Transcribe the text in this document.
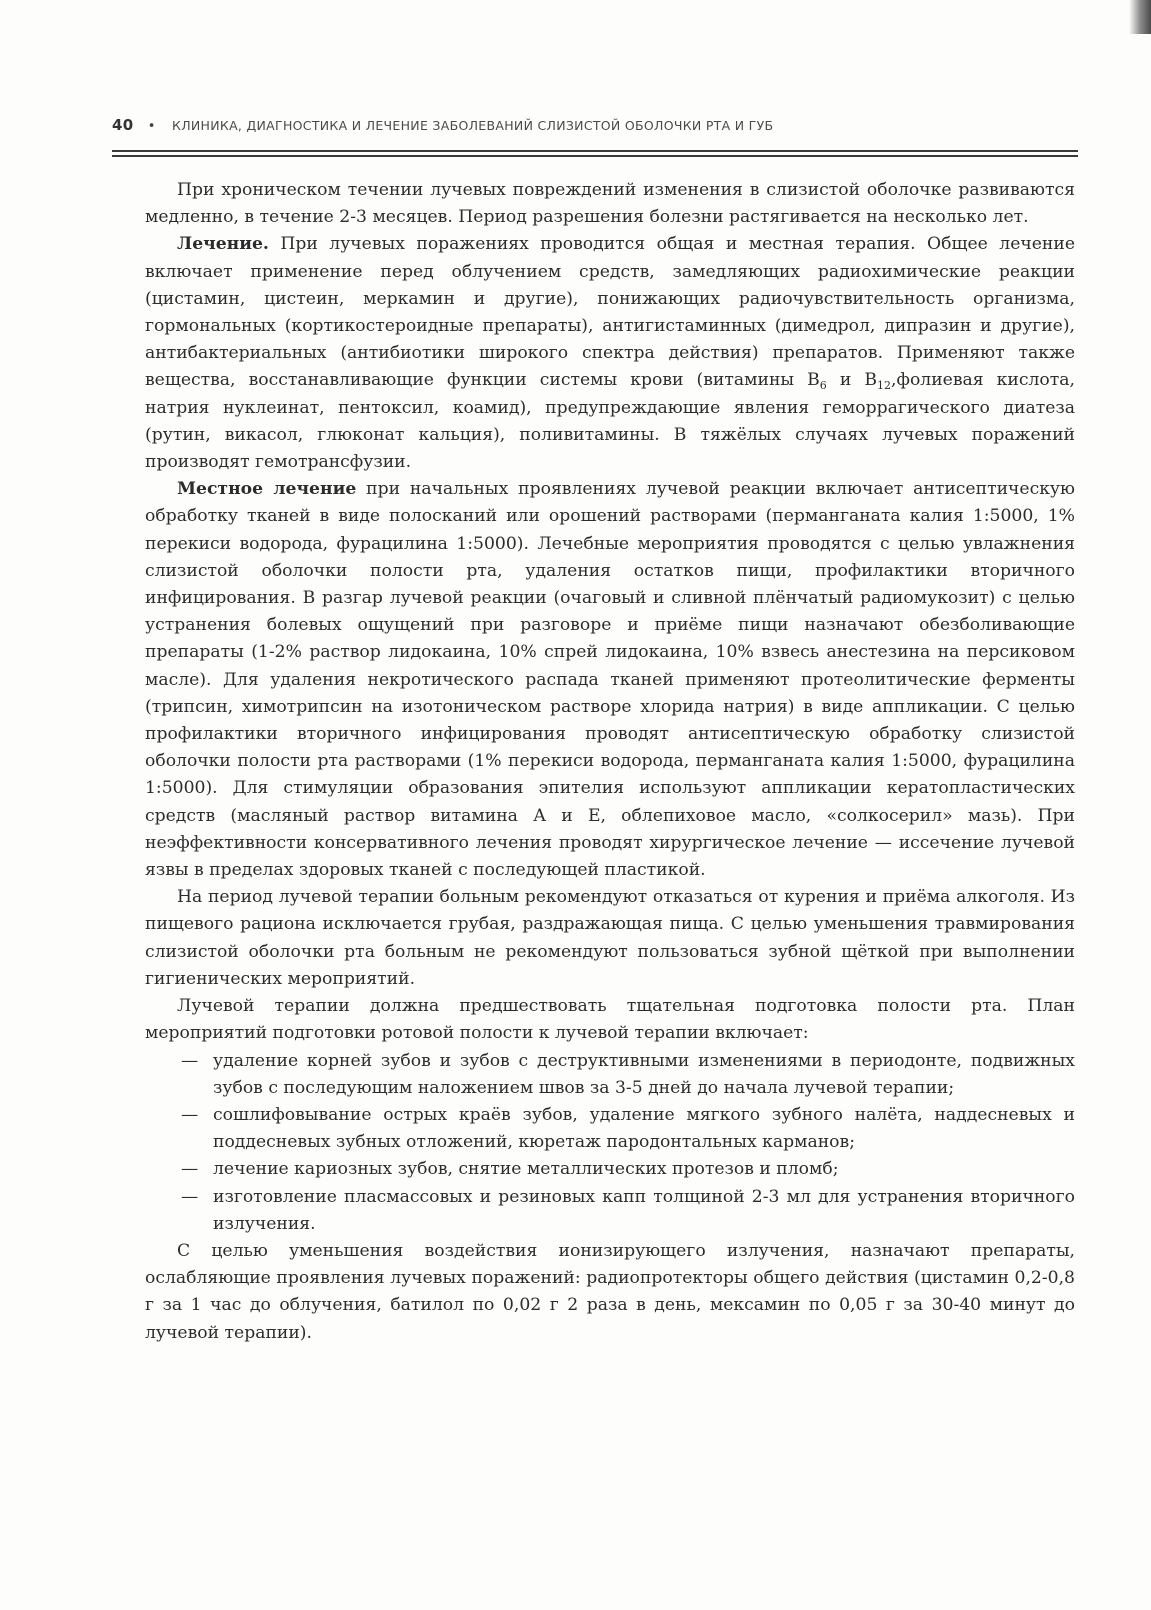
40 • КЛИНИКА, ДИАГНОСТИКА И ЛЕЧЕНИЕ ЗАБОЛЕВАНИЙ СЛИЗИСТОЙ ОБОЛОЧКИ РТА И ГУБ

При хроническом течении лучевых повреждений изменения в слизистой оболочке развиваются медленно, в течение 2-3 месяцев. Период разрешения болезни растягивается на несколько лет.

Лечение. При лучевых поражениях проводится общая и местная терапия. Общее лечение включает применение перед облучением средств, замедляющих радиохимические реакции (цистамин, цистеин, меркамин и другие), понижающих радиочувствительность организма, гормональных (кортикостероидные препараты), антигистаминных (димедрол, дипразин и другие), антибактериальных (антибиотики широкого спектра действия) препаратов. Применяют также вещества, восстанавливающие функции системы крови (витамины $В_6$ и $В_{12},фолиевая$ кислота, натрия нуклеинат, пентоксил, коамид), предупреждающие явления геморрагического диатеза (рутин, викасол, глюконат кальция), поливитамины. В тяжёлых случаях лучевых поражений производят гемотрансфузии.

Местное лечение при начальных проявлениях лучевой реакции включает антисептическую обработку тканей в виде полосканий или орошений растворами (перманганата калия 1:5000, 1% перекиси водорода, фурацилина 1:5000). Лечебные мероприятия проводятся с целью увлажнения слизистой оболочки полости рта, удаления остатков пищи, профилактики вторичного инфицирования. В разгар лучевой реакции (очаговый и сливной плёнчатый радиомукозит) с целью устранения болевых ощущений при разговоре и приёме пищи назначают обезболивающие препараты (1-2% раствор лидокаина, 10% спрей лидокаина, 10% взвесь анестезина на персиковом масле). Для удаления некротического распада тканей применяют протеолитические ферменты (трипсин, химотрипсин на изотоническом растворе хлорида натрия) в виде аппликации. С целью профилактики вторичного инфицирования проводят антисептическую обработку слизистой оболочки полости рта растворами (1% перекиси водорода, перманганата калия 1:5000, фурацилина 1:5000). Для стимуляции образования эпителия используют аппликации кератопластических средств (масляный раствор витамина А и Е, облепиховое масло, «солкосерил» мазь). При неэффективности консервативного лечения проводят хирургическое лечение — иссечение лучевой язвы в пределах здоровых тканей с последующей пластикой.

На период лучевой терапии больным рекомендуют отказаться от курения и приёма алкоголя. Из пищевого рациона исключается грубая, раздражающая пища. С целью уменьшения травмирования слизистой оболочки рта больным не рекомендуют пользоваться зубной щёткой при выполнении гигиенических мероприятий.

Лучевой терапии должна предшествовать тщательная подготовка полости рта. План мероприятий подготовки ротовой полости к лучевой терапии включает:

— удаление корней зубов и зубов с деструктивными изменениями в периодонте, подвижных зубов с последующим наложением швов за 3-5 дней до начала лучевой терапии;
— сошлифовывание острых краёв зубов, удаление мягкого зубного налёта, наддесневых и поддесневых зубных отложений, кюретаж пародонтальных карманов;
— лечение кариозных зубов, снятие металлических протезов и пломб;
— изготовление пласмассовых и резиновых капп толщиной 2-3 мл для устранения вторичного излучения.

С целью уменьшения воздействия ионизирующего излучения, назначают препараты, ослабляющие проявления лучевых поражений: радиопротекторы общего действия (цистамин 0,2-0,8 г за 1 час до облучения, батилол по 0,02 г 2 раза в день, мексамин по 0,05 г за 30-40 минут до лучевой терапии).
